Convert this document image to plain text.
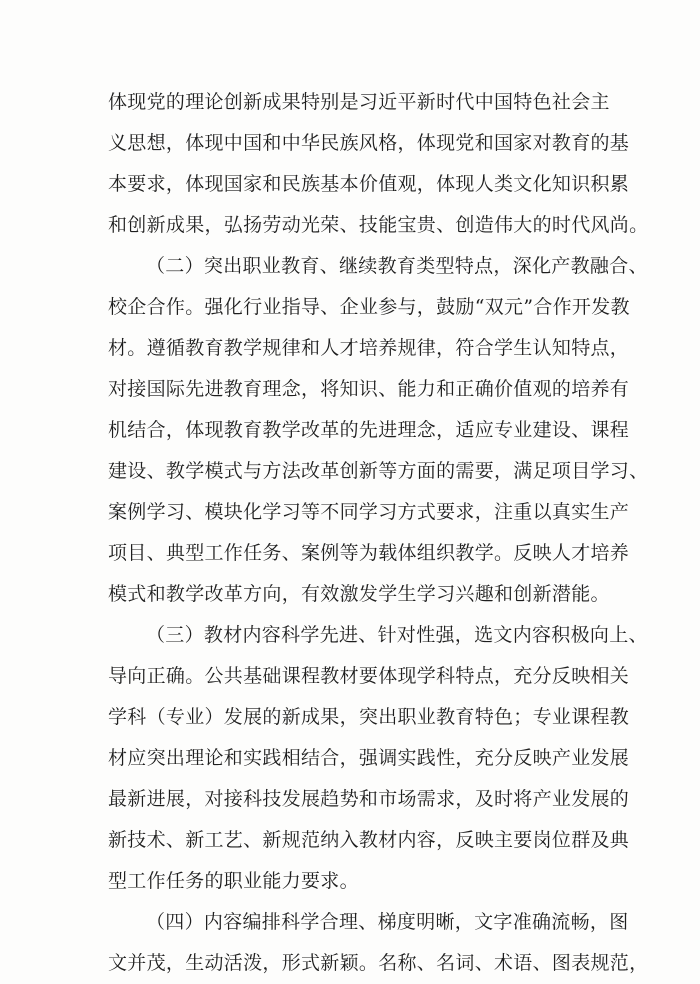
体现党的理论创新成果特别是习近平新时代中国特色社会主
义思想，体现中国和中华民族风格，体现党和国家对教育的基
本要求，体现国家和民族基本价值观，体现人类文化知识积累
和创新成果，弘扬劳动光荣、技能宝贵、创造伟大的时代风尚。
（二）突出职业教育、继续教育类型特点，深化产教融合、
校企合作。强化行业指导、企业参与，鼓励“双元”合作开发教
材。遵循教育教学规律和人才培养规律，符合学生认知特点，
对接国际先进教育理念，将知识、能力和正确价值观的培养有
机结合，体现教育教学改革的先进理念，适应专业建设、课程
建设、教学模式与方法改革创新等方面的需要，满足项目学习、
案例学习、模块化学习等不同学习方式要求，注重以真实生产
项目、典型工作任务、案例等为载体组织教学。反映人才培养
模式和教学改革方向，有效激发学生学习兴趣和创新潜能。
（三）教材内容科学先进、针对性强，选文内容积极向上、
导向正确。公共基础课程教材要体现学科特点，充分反映相关
学科（专业）发展的新成果，突出职业教育特色；专业课程教
材应突出理论和实践相结合，强调实践性，充分反映产业发展
最新进展，对接科技发展趋势和市场需求，及时将产业发展的
新技术、新工艺、新规范纳入教材内容，反映主要岗位群及典
型工作任务的职业能力要求。
（四）内容编排科学合理、梯度明晰，文字准确流畅，图
文并茂，生动活泼，形式新颖。名称、名词、术语、图表规范，
